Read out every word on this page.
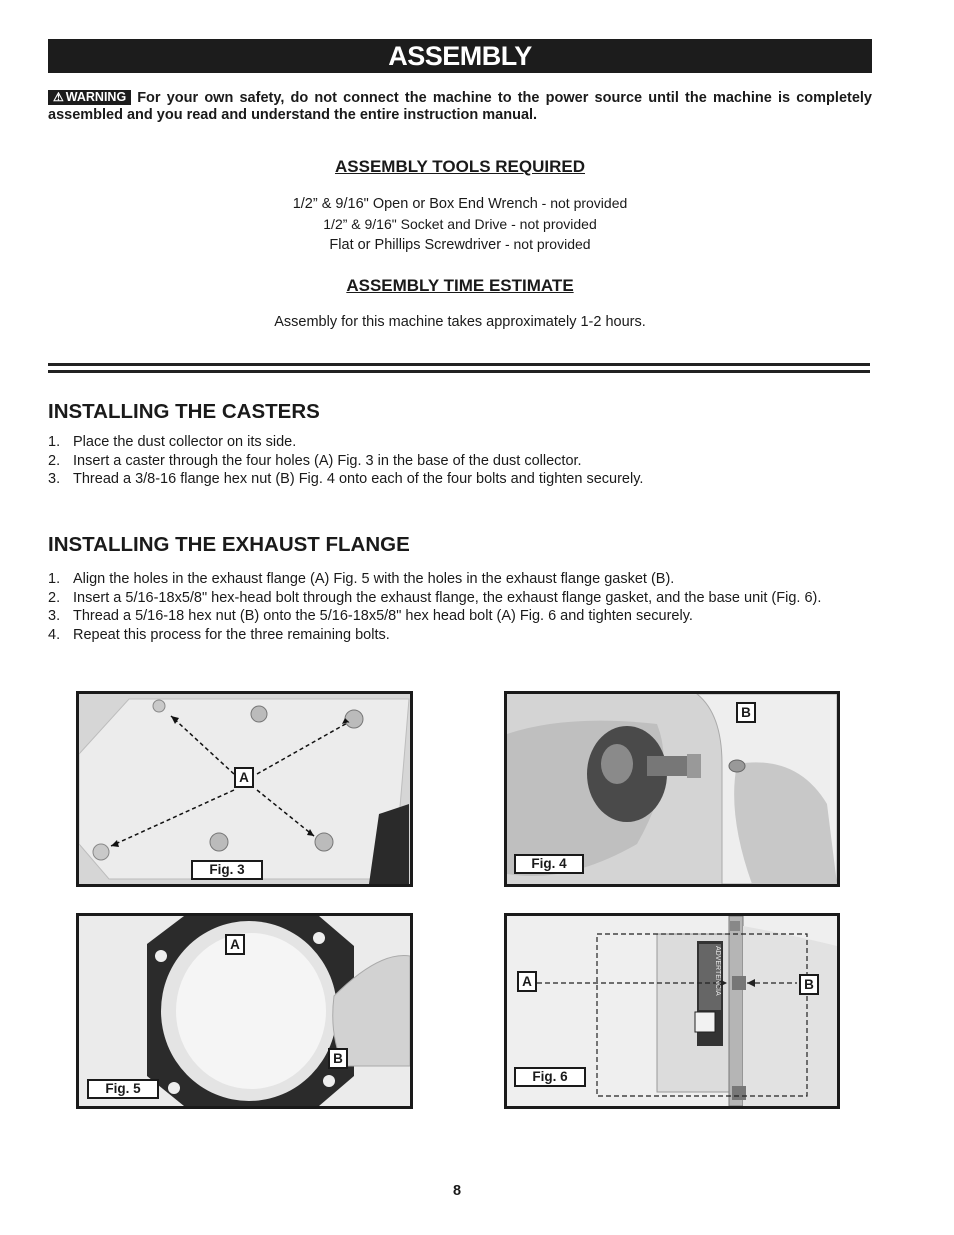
ASSEMBLY
⚠ WARNING For your own safety, do not connect the machine to the power source until the machine is completely assembled and you read and understand the entire instruction manual.
ASSEMBLY TOOLS REQUIRED
1/2” & 9/16" Open or Box End Wrench - not provided
1/2” & 9/16" Socket and Drive - not provided
Flat or Phillips Screwdriver - not provided
ASSEMBLY TIME ESTIMATE
Assembly for this machine takes approximately 1-2 hours.
INSTALLING THE CASTERS
1. Place the dust collector on its side.
2. Insert a caster through the four holes (A) Fig. 3 in the base of the dust collector.
3. Thread a 3/8-16 flange hex nut (B) Fig. 4 onto each of the four bolts and tighten securely.
INSTALLING THE EXHAUST FLANGE
1. Align the holes in the exhaust flange (A) Fig. 5 with the holes in the exhaust flange gasket (B).
2. Insert a 5/16-18x5/8" hex-head bolt through the exhaust flange, the exhaust flange gasket, and the base unit (Fig. 6).
3. Thread a 5/16-18 hex nut (B) onto the 5/16-18x5/8" hex head bolt (A) Fig. 6 and tighten securely.
4. Repeat this process for the three remaining bolts.
A
Fig. 3
B
Fig. 4
A
B
Fig. 5
ADVERTENCIA
A	B
Fig. 6
8
